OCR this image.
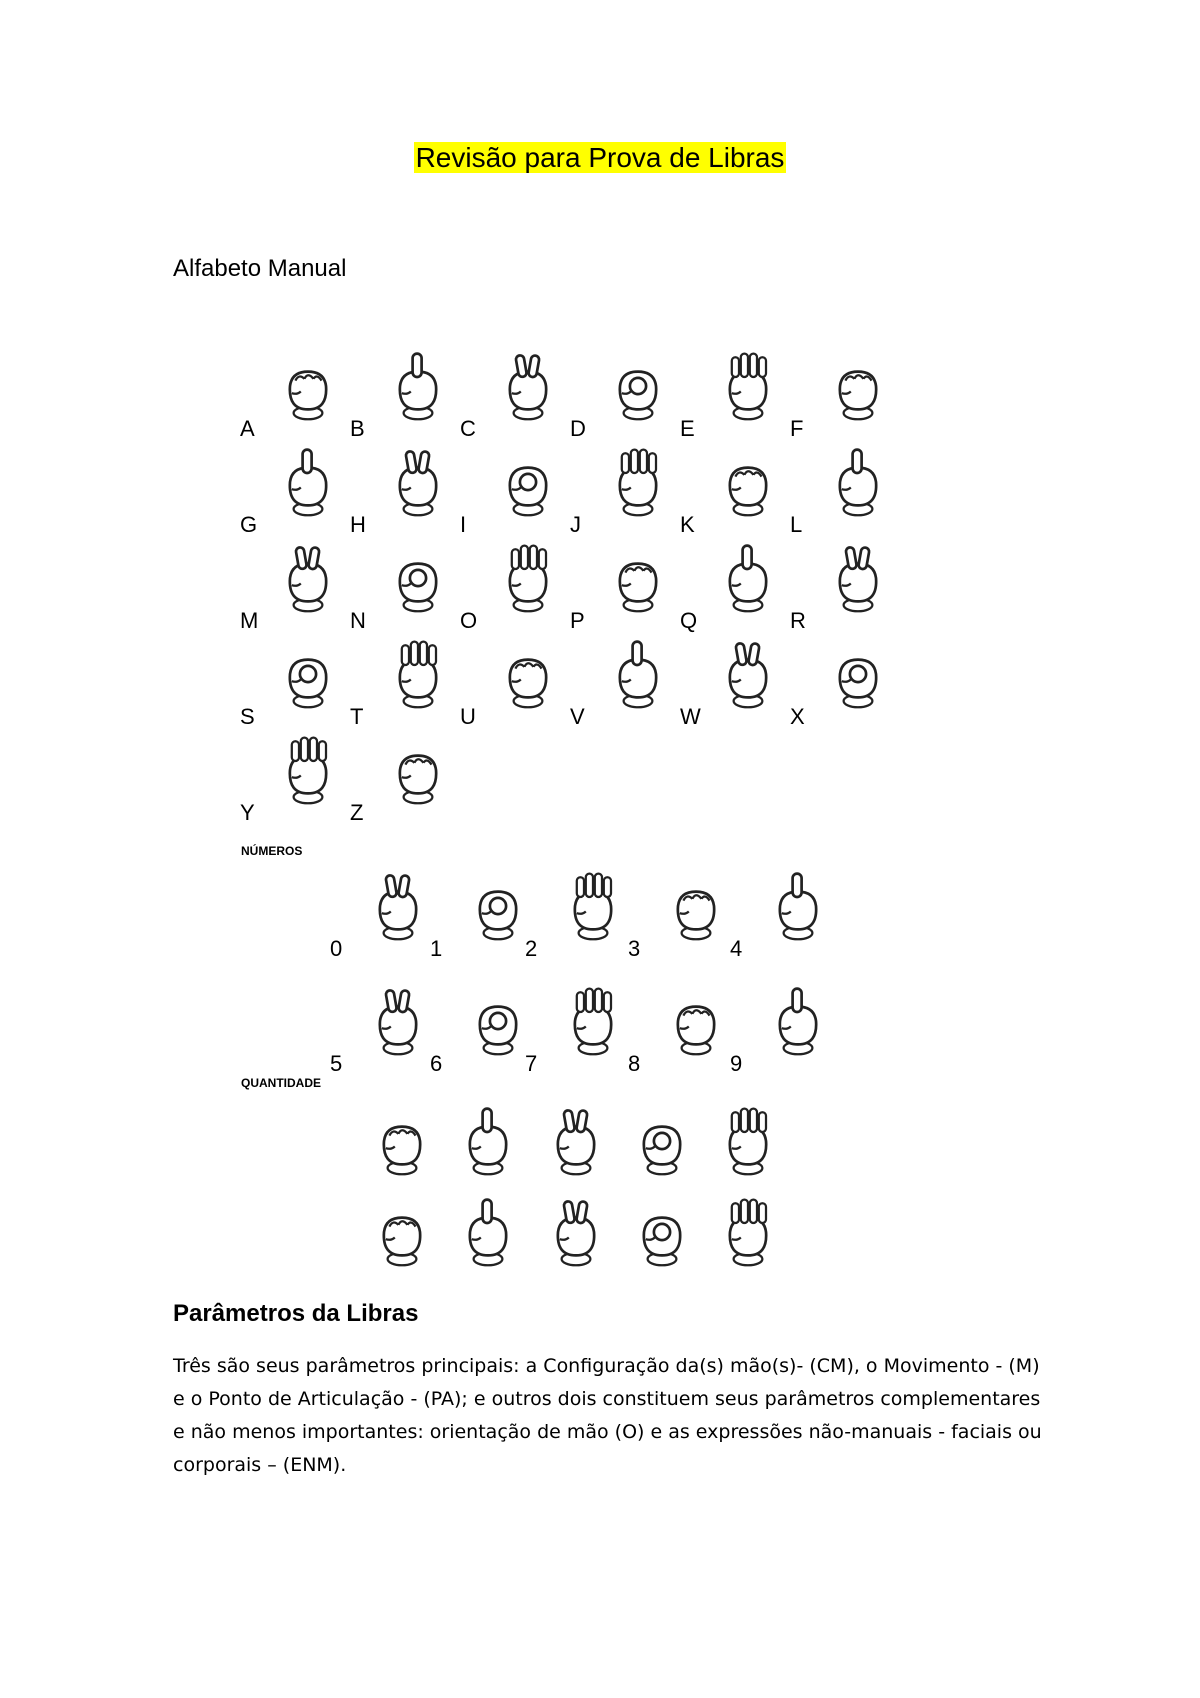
Revisão para Prova de Libras
Alfabeto Manual
A	B	C	D	E	F
G	H	I	J	K	L
M	N	O	P	Q	R
S	T	U	V	W	X
Y	Z
NÚMEROS
0	1	2	3	4
5	6	7	8	9
QUANTIDADE
Parâmetros da Libras
Três são seus parâmetros principais: a Configuração da(s) mão(s)- (CM), o Movimento - (M) e o Ponto de Articulação - (PA); e outros dois constituem seus parâmetros complementares e não menos importantes: orientação de mão (O) e as expressões não-manuais - faciais ou corporais – (ENM).
